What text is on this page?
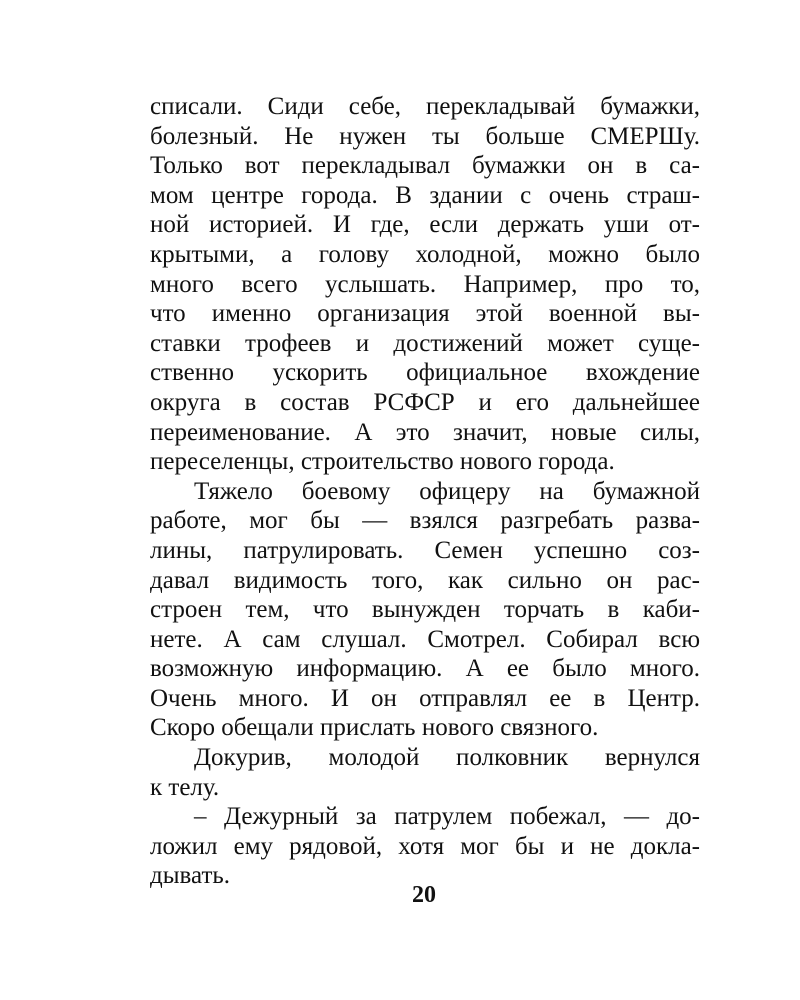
списали. Сиди себе, перекладывай бумажки,
болезный. Не нужен ты больше СМЕРШу.
Только вот перекладывал бумажки он в са-
мом центре города. В здании с очень страш-
ной историей. И где, если держать уши от-
крытыми, а голову холодной, можно было
много всего услышать. Например, про то,
что именно организация этой военной вы-
ставки трофеев и достижений может суще-
ственно ускорить официальное вхождение
округа в состав РСФСР и его дальнейшее
переименование. А это значит, новые силы,
переселенцы, строительство нового города.
Тяжело боевому офицеру на бумажной
работе, мог бы — взялся разгребать разва-
лины, патрулировать. Семен успешно соз-
давал видимость того, как сильно он рас-
строен тем, что вынужден торчать в каби-
нете. А сам слушал. Смотрел. Собирал всю
возможную информацию. А ее было много.
Очень много. И он отправлял ее в Центр.
Скоро обещали прислать нового связного.
Докурив, молодой полковник вернулся
к телу.
– Дежурный за патрулем побежал, — до-
ложил ему рядовой, хотя мог бы и не докла-
дывать.
20
